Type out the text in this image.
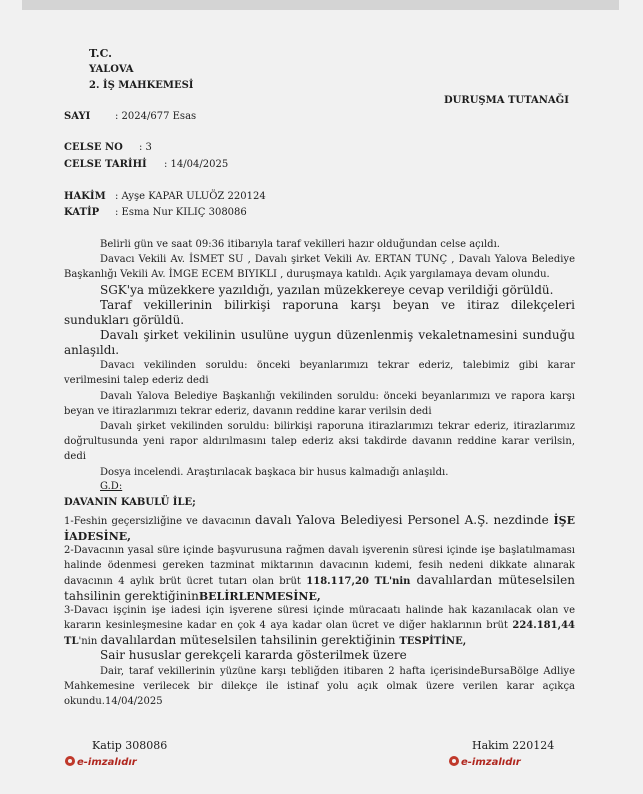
T.C.
YALOVA
2. İŞ MAHKEMESİ
DURUŞMA TUTANAĞI
SAYI : 2024/677 Esas
CELSE NO : 3
CELSE TARİHİ : 14/04/2025
HAKİM : Ayşe KAPAR ULUÖZ 220124
KATİP : Esma Nur KILIÇ 308086
Belirli gün ve saat 09:36 itibarıyla taraf vekilleri hazır olduğundan celse açıldı.
Davacı Vekili Av. İSMET SU , Davalı şirket Vekili Av. ERTAN TUNÇ , Davalı Yalova Belediye Başkanlığı Vekili Av. İMGE ECEM BIYIKLI , duruşmaya katıldı. Açık yargılamaya devam olundu.
SGK'ya müzekkere yazıldığı, yazılan müzekkereye cevap verildiği görüldü.
Taraf vekillerinin bilirkişi raporuna karşı beyan ve itiraz dilekçeleri sundukları görüldü.
Davalı şirket vekilinin usulüne uygun düzenlenmiş vekaletnamesini sunduğu anlaşıldı.
Davacı vekilinden soruldu: önceki beyanlarımızı tekrar ederiz, talebimiz gibi karar verilmesini talep ederiz dedi
Davalı Yalova Belediye Başkanlığı vekilinden soruldu: önceki beyanlarımızı ve rapora karşı beyan ve itirazlarımızı tekrar ederiz, davanın reddine karar verilsin dedi
Davalı şirket vekilinden soruldu: bilirkişi raporuna itirazlarımızı tekrar ederiz, itirazlarımız doğrultusunda yeni rapor aldırılmasını talep ederiz aksi takdirde davanın reddine karar verilsin, dedi
Dosya incelendi. Araştırılacak başkaca bir husus kalmadığı anlaşıldı.
G.D:
DAVANIN KABULÜ İLE;
1-Feshin geçersizliğine ve davacının davalı Yalova Belediyesi Personel A.Ş. nezdinde İŞE İADESİNE,
2-Davacının yasal süre içinde başvurusuna rağmen davalı işverenin süresi içinde işe başlatılmaması halinde ödenmesi gereken tazminat miktarının davacının kıdemi, fesih nedeni dikkate alınarak davacının 4 aylık brüt ücret tutarı olan brüt 118.117,20 TL'nin davalılardan müteselsilen tahsilinin gerektiğininBELİRLENMESİNE,
3-Davacı işçinin işe iadesi için işverene süresi içinde müracaatı halinde hak kazanılacak olan ve kararın kesinleşmesine kadar en çok 4 aya kadar olan ücret ve diğer haklarının brüt 224.181,44 TL'nin davalılardan müteselsilen tahsilinin gerektiğinin TESPİTİNE,
Sair hususlar gerekçeli kararda gösterilmek üzere
Dair, taraf vekillerinin yüzüne karşı tebliğden itibaren 2 hafta içerisindeBursaBölge Adliye Mahkemesine verilecek bir dilekçe ile istinaf yolu açık olmak üzere verilen karar açıkça okundu.14/04/2025
Katip 308086	Hakim 220124
e-imzalıdır	e-imzalıdır
